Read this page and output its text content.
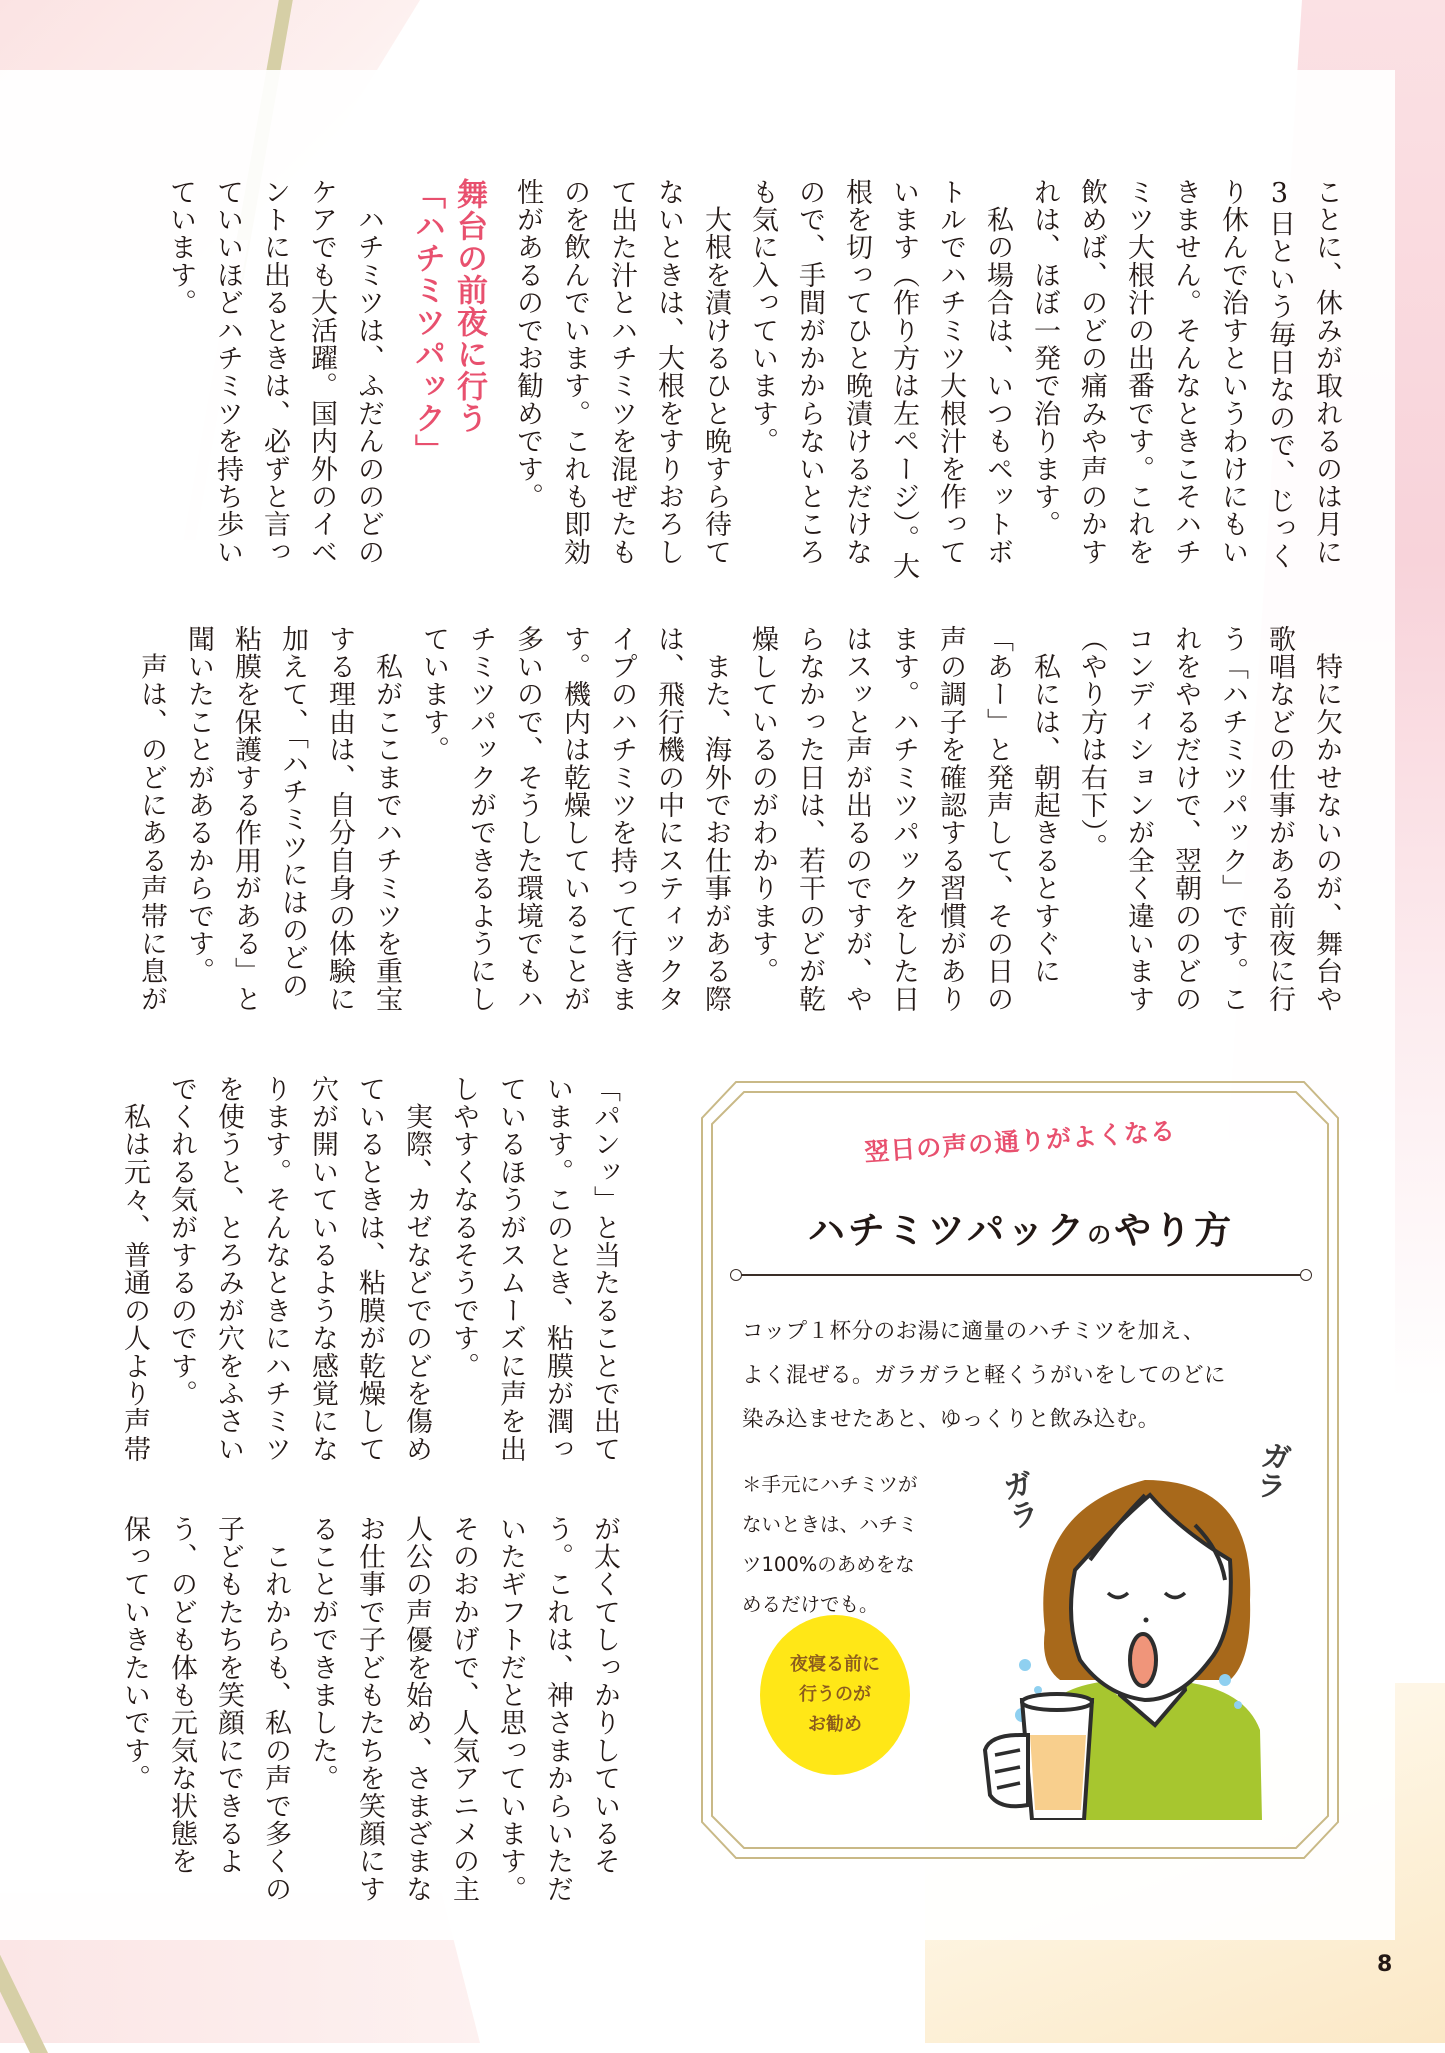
ことに、休みが取れるのは月に
3日という毎日なので、じっく
り休んで治すというわけにもい
きません。そんなときこそハチ
ミツ大根汁の出番です。これを
飲めば、のどの痛みや声のかす
れは、ほぼ一発で治ります。
　私の場合は、いつもペットボ
トルでハチミツ大根汁を作って
います（作り方は左ページ）。大
根を切ってひと晩漬けるだけな
ので、手間がかからないところ
も気に入っています。
　大根を漬けるひと晩すら待て
ないときは、大根をすりおろし
て出た汁とハチミツを混ぜたも
のを飲んでいます。これも即効
性があるのでお勧めです。
舞台の前夜に行う
「ハチミツパック」
　ハチミツは、ふだんののどの
ケアでも大活躍。国内外のイベ
ントに出るときは、必ずと言っ
ていいほどハチミツを持ち歩い
ています。
　特に欠かせないのが、舞台や
歌唱などの仕事がある前夜に行
う「ハチミツパック」です。こ
れをやるだけで、翌朝ののどの
コンディションが全く違います
（やり方は右下）。
　私には、朝起きるとすぐに
「あー」と発声して、その日の
声の調子を確認する習慣があり
ます。ハチミツパックをした日
はスッと声が出るのですが、や
らなかった日は、若干のどが乾
燥しているのがわかります。
　また、海外でお仕事がある際
は、飛行機の中にスティックタ
イプのハチミツを持って行きま
す。機内は乾燥していることが
多いので、そうした環境でもハ
チミツパックができるようにし
ています。
　私がここまでハチミツを重宝
する理由は、自分自身の体験に
加えて、「ハチミツにはのどの
粘膜を保護する作用がある」と
聞いたことがあるからです。
　声は、のどにある声帯に息が
「パンッ」と当たることで出て
います。このとき、粘膜が潤っ
ているほうがスムーズに声を出
しやすくなるそうです。
　実際、カゼなどでのどを傷め
ているときは、粘膜が乾燥して
穴が開いているような感覚にな
ります。そんなときにハチミツ
を使うと、とろみが穴をふさい
でくれる気がするのです。
　私は元々、普通の人より声帯
が太くてしっかりしているそ
う。これは、神さまからいただ
いたギフトだと思っています。
そのおかげで、人気アニメの主
人公の声優を始め、さまざまな
お仕事で子どもたちを笑顔にす
ることができました。
　これからも、私の声で多くの
子どもたちを笑顔にできるよ
う、のども体も元気な状態を
保っていきたいです。
翌日の声の通りがよくなる
ハチミツパックのやり方
コップ１杯分のお湯に適量のハチミツを加え、
よく混ぜる。ガラガラと軽くうがいをしてのどに
染み込ませたあと、ゆっくりと飲み込む。
＊手元にハチミツが
ないときは、ハチミ
ツ100%のあめをな
めるだけでも。
夜寝る前に
行うのが
お勧め
ガラ	ガラ
8
